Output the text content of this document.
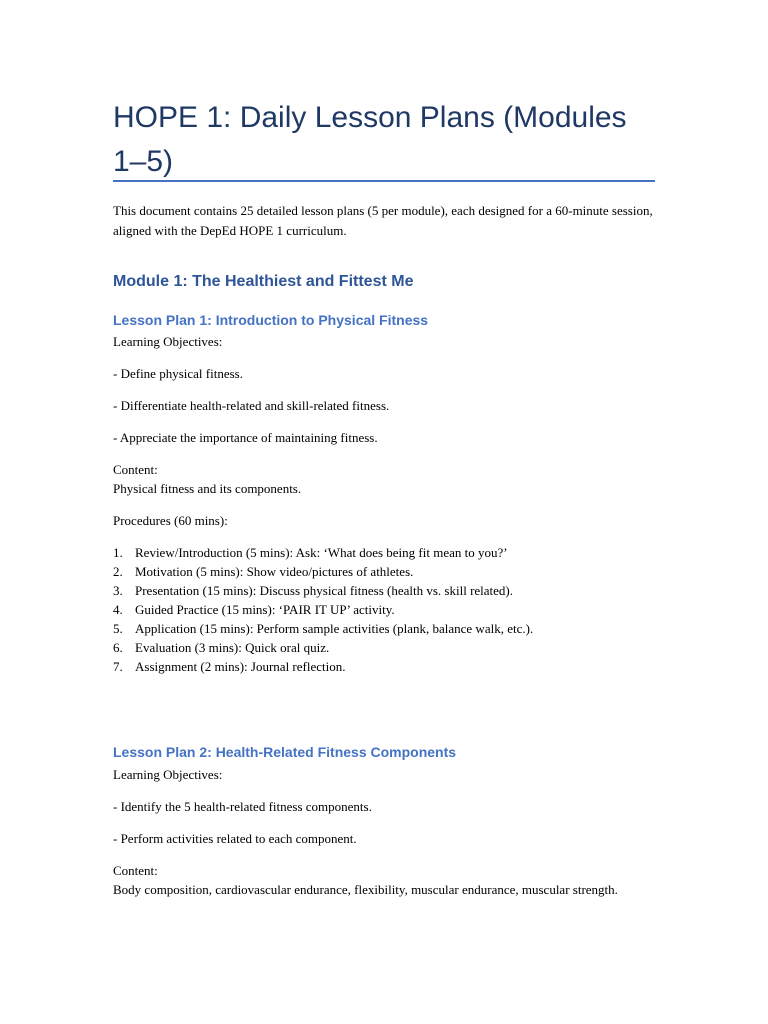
HOPE 1: Daily Lesson Plans (Modules 1–5)

This document contains 25 detailed lesson plans (5 per module), each designed for a 60-minute session, aligned with the DepEd HOPE 1 curriculum.

Module 1: The Healthiest and Fittest Me
Lesson Plan 1: Introduction to Physical Fitness

Learning Objectives:

- Define physical fitness.

- Differentiate health-related and skill-related fitness.

- Appreciate the importance of maintaining fitness.

Content:

Physical fitness and its components.

Procedures (60 mins):

1. Review/Introduction (5 mins): Ask: ‘What does being fit mean to you?’
2. Motivation (5 mins): Show video/pictures of athletes.
3. Presentation (15 mins): Discuss physical fitness (health vs. skill related).
4. Guided Practice (15 mins): ‘PAIR IT UP’ activity.
5. Application (15 mins): Perform sample activities (plank, balance walk, etc.).
6. Evaluation (3 mins): Quick oral quiz.
7. Assignment (2 mins): Journal reflection.
Lesson Plan 2: Health-Related Fitness Components

Learning Objectives:

- Identify the 5 health-related fitness components.

- Perform activities related to each component.

Content:

Body composition, cardiovascular endurance, flexibility, muscular endurance, muscular strength.
